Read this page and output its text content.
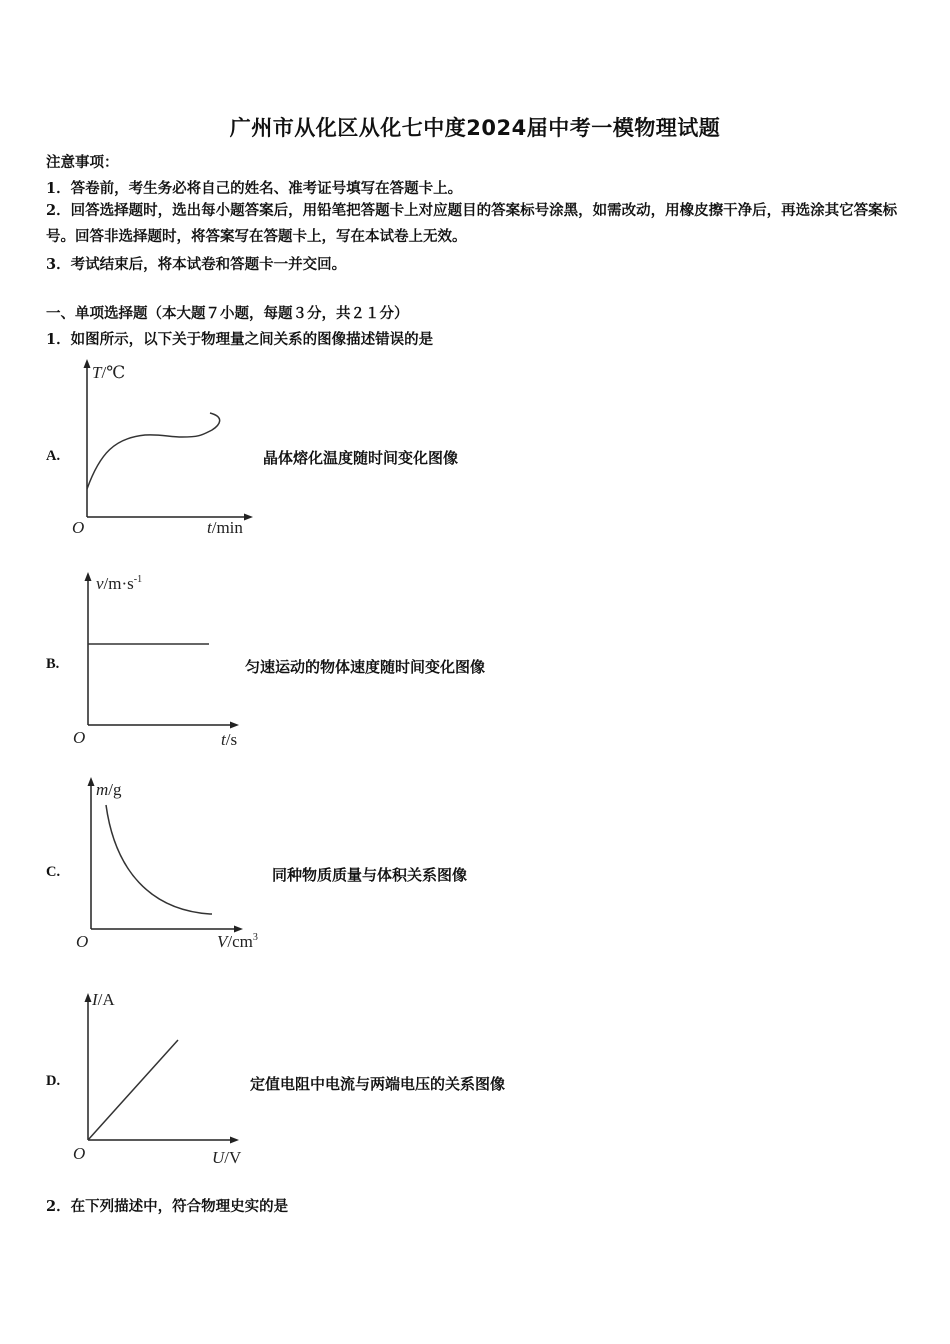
广州市从化区从化七中度2024届中考一模物理试题
注意事项：
1．答卷前，考生务必将自己的姓名、准考证号填写在答题卡上。
2．回答选择题时，选出每小题答案后，用铅笔把答题卡上对应题目的答案标号涂黑，如需改动，用橡皮擦干净后，再选涂其它答案标号。回答非选择题时，将答案写在答题卡上，写在本试卷上无效。
3．考试结束后，将本试卷和答题卡一并交回。
一、单项选择题（本大题７小题，每题３分，共２１分）
1．如图所示，以下关于物理量之间关系的图像描述错误的是
A.
T/℃
O	t/min
晶体熔化温度随时间变化图像
B.
$v/m\cdot s^{-1}$
O	t/s
匀速运动的物体速度随时间变化图像
C.
m/g
O	$V/cm^3$
同种物质质量与体积关系图像
D.
I/A
O	U/V
定值电阻中电流与两端电压的关系图像
2．在下列描述中，符合物理史实的是
